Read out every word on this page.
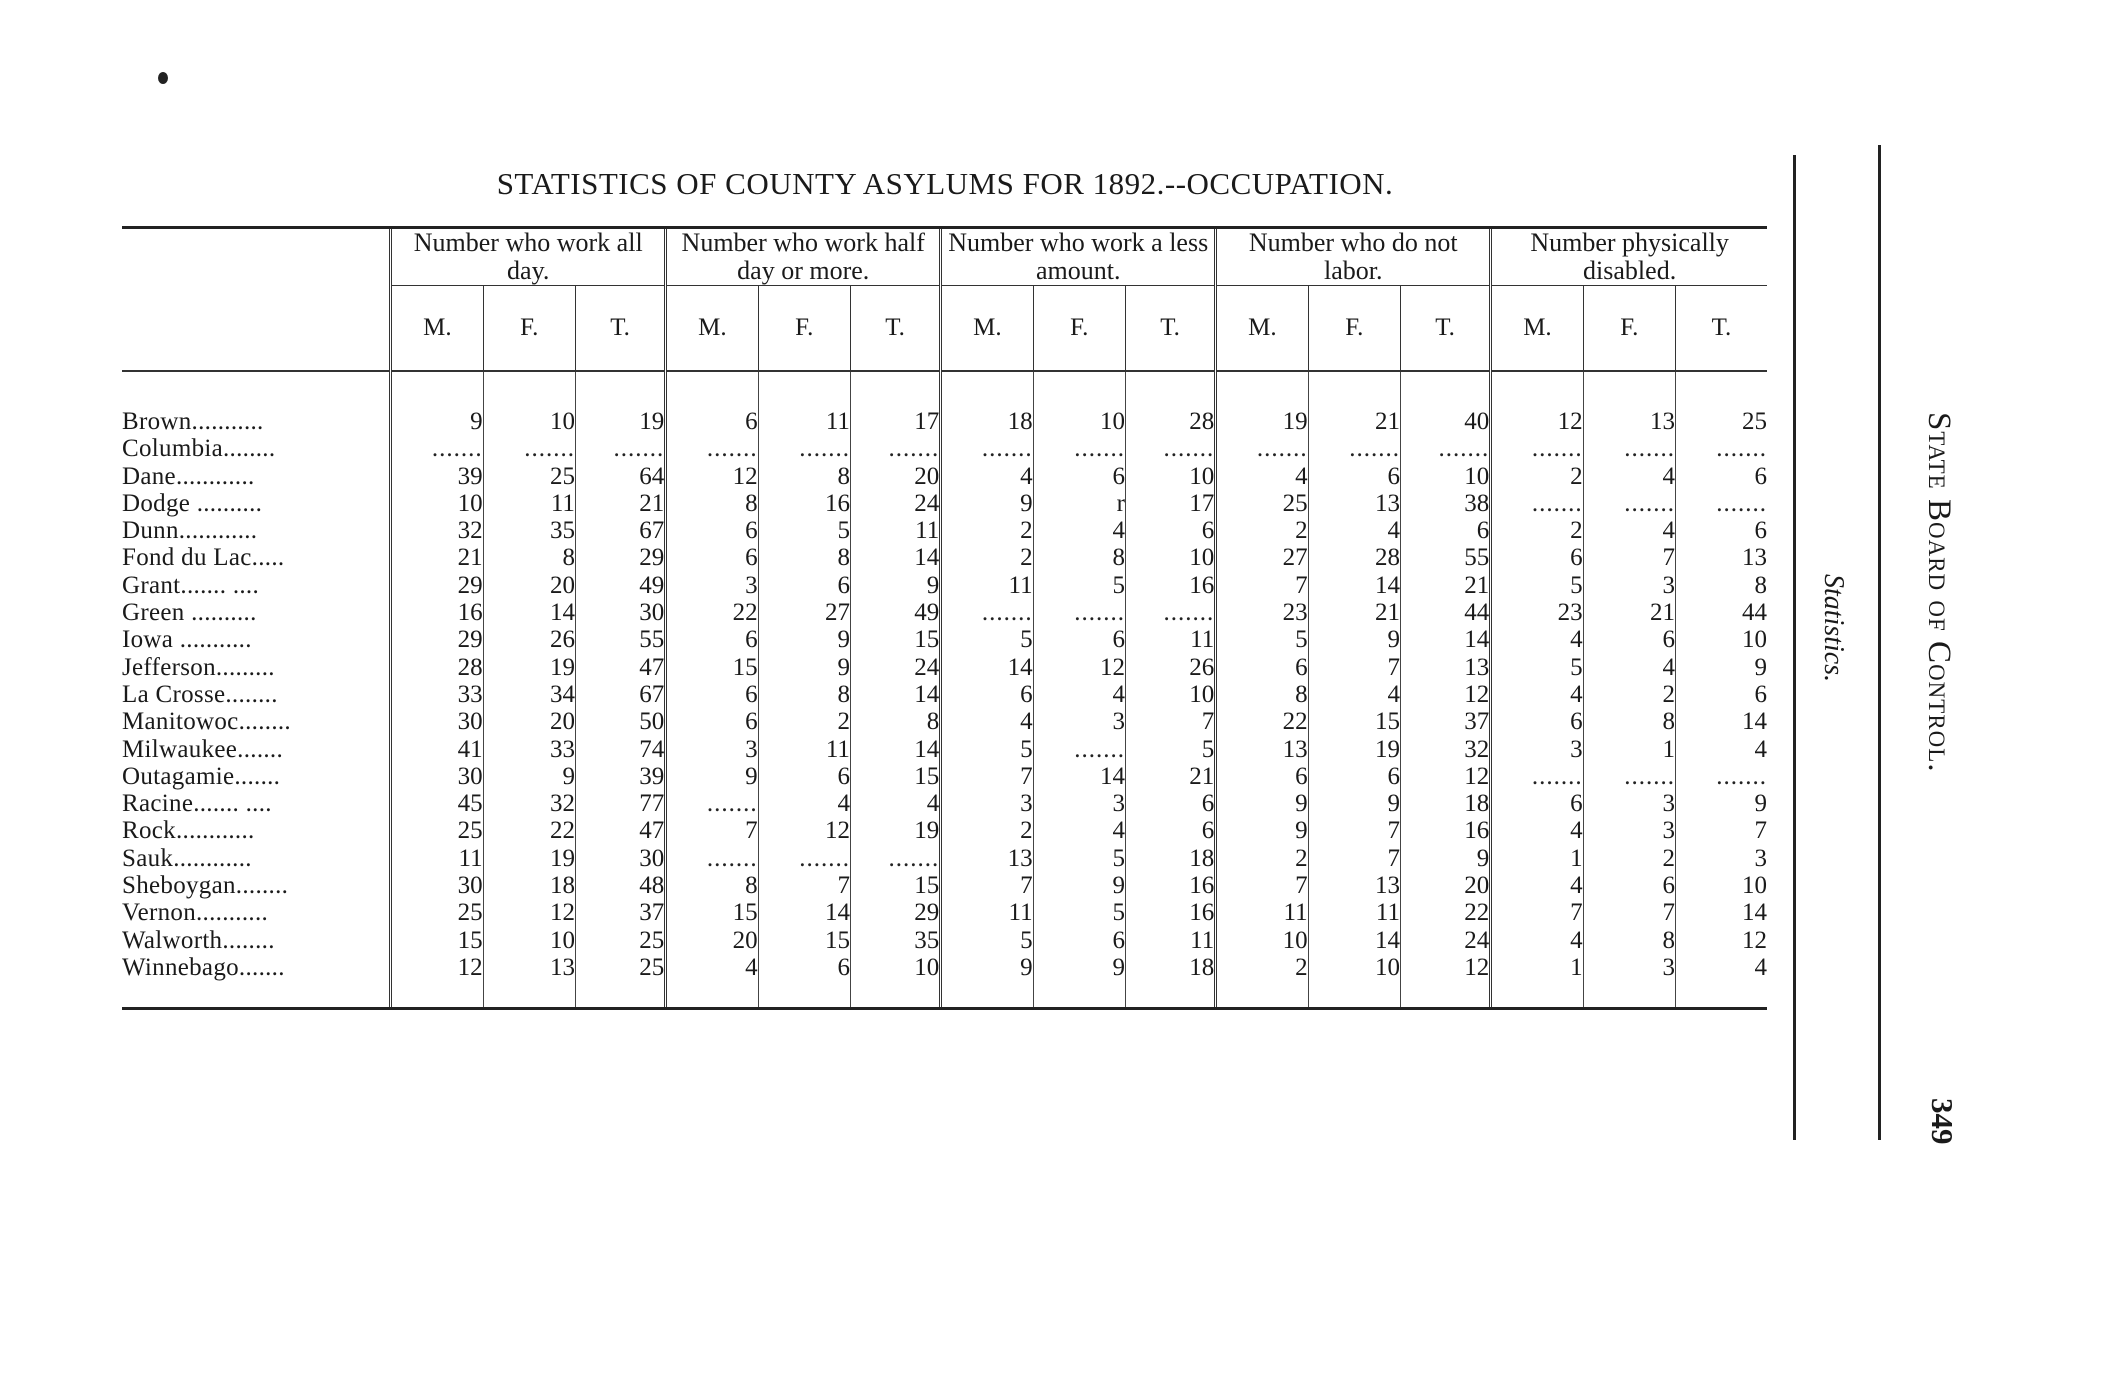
STATISTICS OF COUNTY ASYLUMS FOR 1892.--OCCUPATION.
	Number who work all day.			Number who work half day or more.			Number who work a less amount.			Number who do not labor.			Number physically disabled.		
	M.	F.	T.	M.	F.	T.	M.	F.	T.	M.	F.	T.	M.	F.	T.
Brown...........	9	10	19	6	11	17	18	10	28	19	21	40	12	13	25
Columbia........	.......	.......	.......	.......	.......	.......	.......	.......	.......	.......	.......	.......	.......	.......	.......
Dane............	39	25	64	12	8	20	4	6	10	4	6	10	2	4	6
Dodge ..........	10	11	21	8	16	24	9	r	17	25	13	38	.......	.......	.......
Dunn............	32	35	67	6	5	11	2	4	6	2	4	6	2	4	6
Fond du Lac.....	21	8	29	6	8	14	2	8	10	27	28	55	6	7	13
Grant....... ....	29	20	49	3	6	9	11	5	16	7	14	21	5	3	8
Green ..........	16	14	30	22	27	49	.......	.......	.......	23	21	44	23	21	44
Iowa ...........	29	26	55	6	9	15	5	6	11	5	9	14	4	6	10
Jefferson.........	28	19	47	15	9	24	14	12	26	6	7	13	5	4	9
La Crosse........	33	34	67	6	8	14	6	4	10	8	4	12	4	2	6
Manitowoc........	30	20	50	6	2	8	4	3	7	22	15	37	6	8	14
Milwaukee.......	41	33	74	3	11	14	5	.......	5	13	19	32	3	1	4
Outagamie.......	30	9	39	9	6	15	7	14	21	6	6	12	.......	.......	.......
Racine....... ....	45	32	77	.......	4	4	3	3	6	9	9	18	6	3	9
Rock............	25	22	47	7	12	19	2	4	6	9	7	16	4	3	7
Sauk............	11	19	30	.......	.......	.......	13	5	18	2	7	9	1	2	3
Sheboygan........	30	18	48	8	7	15	7	9	16	7	13	20	4	6	10
Vernon...........	25	12	37	15	14	29	11	5	16	11	11	22	7	7	14
Walworth........	15	10	25	20	15	35	5	6	11	10	14	24	4	8	12
Winnebago.......	12	13	25	4	6	10	9	9	18	2	10	12	1	3	4
Statistics. State Board of Control.
349
